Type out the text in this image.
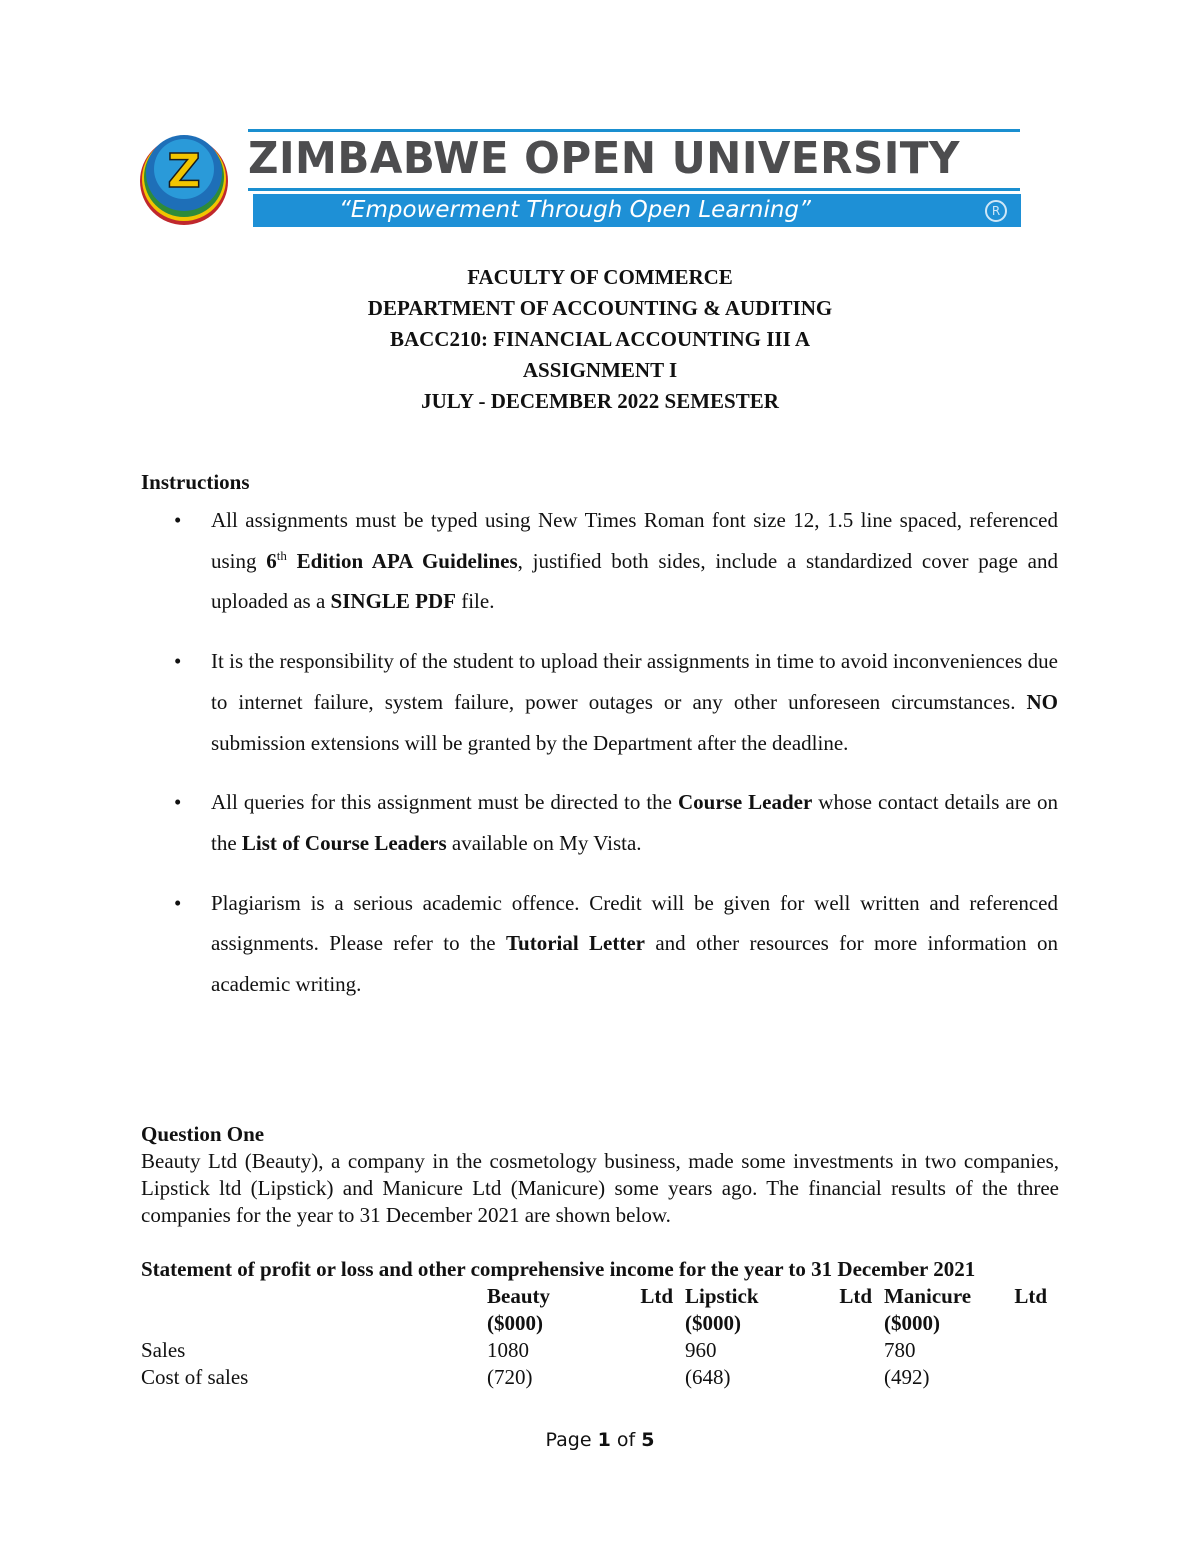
Z ZIMBABWE OPEN UNIVERSITY
“Empowerment Through Open Learning”	R
FACULTY OF COMMERCE
DEPARTMENT OF ACCOUNTING & AUDITING
BACC210: FINANCIAL ACCOUNTING III A
ASSIGNMENT I
JULY - DECEMBER 2022 SEMESTER
Instructions
• All assignments must be typed using New Times Roman font size 12, 1.5 line spaced, referenced using 6th Edition APA Guidelines, justified both sides, include a standardized cover page and uploaded as a SINGLE PDF file.
• It is the responsibility of the student to upload their assignments in time to avoid inconveniences due to internet failure, system failure, power outages or any other unforeseen circumstances. NO submission extensions will be granted by the Department after the deadline.
• All queries for this assignment must be directed to the Course Leader whose contact details are on the List of Course Leaders available on My Vista.
• Plagiarism is a serious academic offence. Credit will be given for well written and referenced assignments. Please refer to the Tutorial Letter and other resources for more information on academic writing.
Question One
Beauty Ltd (Beauty), a company in the cosmetology business, made some investments in two companies, Lipstick ltd (Lipstick) and Manicure Ltd (Manicure) some years ago. The financial results of the three companies for the year to 31 December 2021 are shown below.
Statement of profit or loss and other comprehensive income for the year to 31 December 2021
	Beauty Ltd	Lipstick Ltd	Manicure Ltd

	($000)	($000)	($000)
Sales	1080	960	780
Cost of sales	(720)	(648)	(492)
Page 1 of 5
